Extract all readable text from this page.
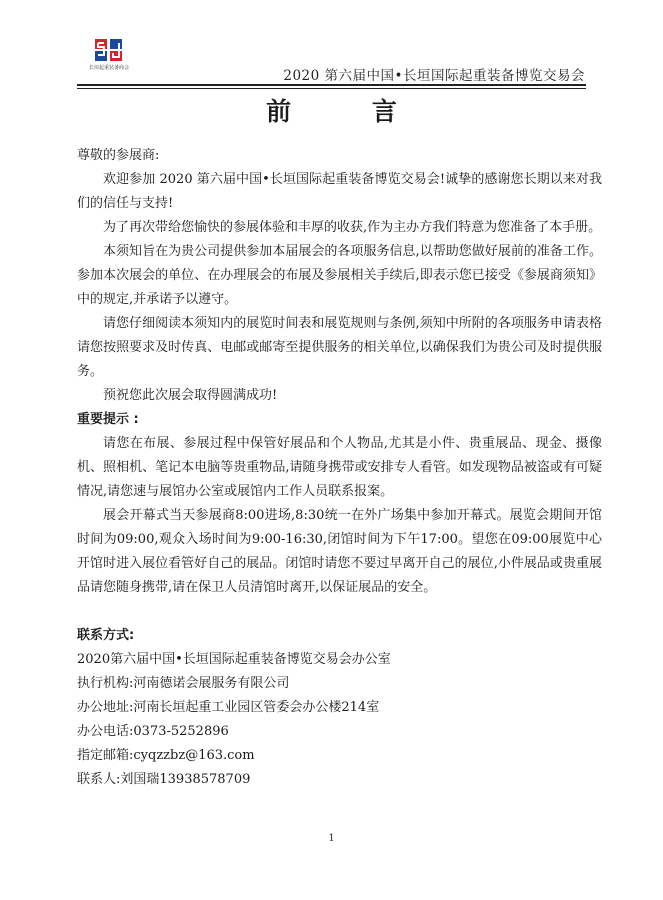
长垣起重装备商会	2020 第六届中国•长垣国际起重装备博览交易会
前 言

尊敬的参展商:

欢迎参加 2020 第六届中国•长垣国际起重装备博览交易会!诚挚的感谢您长期以来对我们的信任与支持!

为了再次带给您愉快的参展体验和丰厚的收获,作为主办方我们特意为您准备了本手册。

本须知旨在为贵公司提供参加本届展会的各项服务信息,以帮助您做好展前的准备工作。参加本次展会的单位、在办理展会的布展及参展相关手续后,即表示您已接受《参展商须知》中的规定,并承诺予以遵守。

请您仔细阅读本须知内的展览时间表和展览规则与条例,须知中所附的各项服务申请表格请您按照要求及时传真、电邮或邮寄至提供服务的相关单位,以确保我们为贵公司及时提供服务。

预祝您此次展会取得圆满成功!

重要提示 :

请您在布展、参展过程中保管好展品和个人物品,尤其是小件、贵重展品、现金、摄像机、照相机、笔记本电脑等贵重物品,请随身携带或安排专人看管。如发现物品被盗或有可疑情况,请您速与展馆办公室或展馆内工作人员联系报案。

展会开幕式当天参展商8:00进场,8:30统一在外广场集中参加开幕式。展览会期间开馆时间为09:00,观众入场时间为9:00-16:30,闭馆时间为下午17:00。望您在09:00展览中心开馆时进入展位看管好自己的展品。闭馆时请您不要过早离开自己的展位,小件展品或贵重展品请您随身携带,请在保卫人员清馆时离开,以保证展品的安全。

联系方式:

2020第六届中国•长垣国际起重装备博览交易会办公室

执行机构:河南德诺会展服务有限公司

办公地址:河南长垣起重工业园区管委会办公楼214室

办公电话:0373-5252896

指定邮箱:cyqzzbz@163.com

联系人:刘国瑞13938578709

1
